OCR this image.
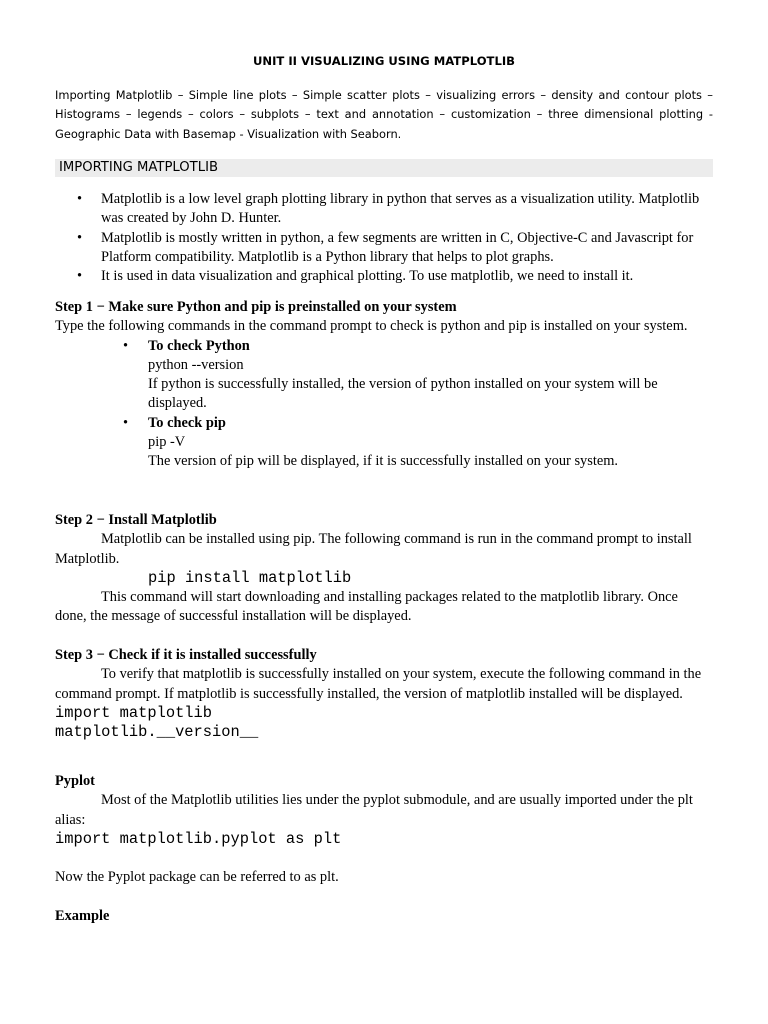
UNIT II VISUALIZING USING MATPLOTLIB
Importing Matplotlib – Simple line plots – Simple scatter plots – visualizing errors – density and contour plots – Histograms – legends – colors – subplots – text and annotation – customization – three dimensional plotting - Geographic Data with Basemap - Visualization with Seaborn.
IMPORTING MATPLOTLIB
• Matplotlib is a low level graph plotting library in python that serves as a visualization utility. Matplotlib was created by John D. Hunter.
• Matplotlib is mostly written in python, a few segments are written in C, Objective-C and Javascript for Platform compatibility. Matplotlib is a Python library that helps to plot graphs.
• It is used in data visualization and graphical plotting. To use matplotlib, we need to install it.
Step 1 − Make sure Python and pip is preinstalled on your system
Type the following commands in the command prompt to check is python and pip is installed on your system.
• To check Python
python --version
If python is successfully installed, the version of python installed on your system will be displayed.
• To check pip
pip -V
The version of pip will be displayed, if it is successfully installed on your system.
Step 2 − Install Matplotlib
Matplotlib can be installed using pip. The following command is run in the command prompt to install Matplotlib.
pip install matplotlib
This command will start downloading and installing packages related to the matplotlib library. Once done, the message of successful installation will be displayed.
Step 3 − Check if it is installed successfully
To verify that matplotlib is successfully installed on your system, execute the following command in the command prompt. If matplotlib is successfully installed, the version of matplotlib installed will be displayed.
import matplotlib
matplotlib.__version__
Pyplot
Most of the Matplotlib utilities lies under the pyplot submodule, and are usually imported under the plt alias:
import matplotlib.pyplot as plt
Now the Pyplot package can be referred to as plt.
Example
